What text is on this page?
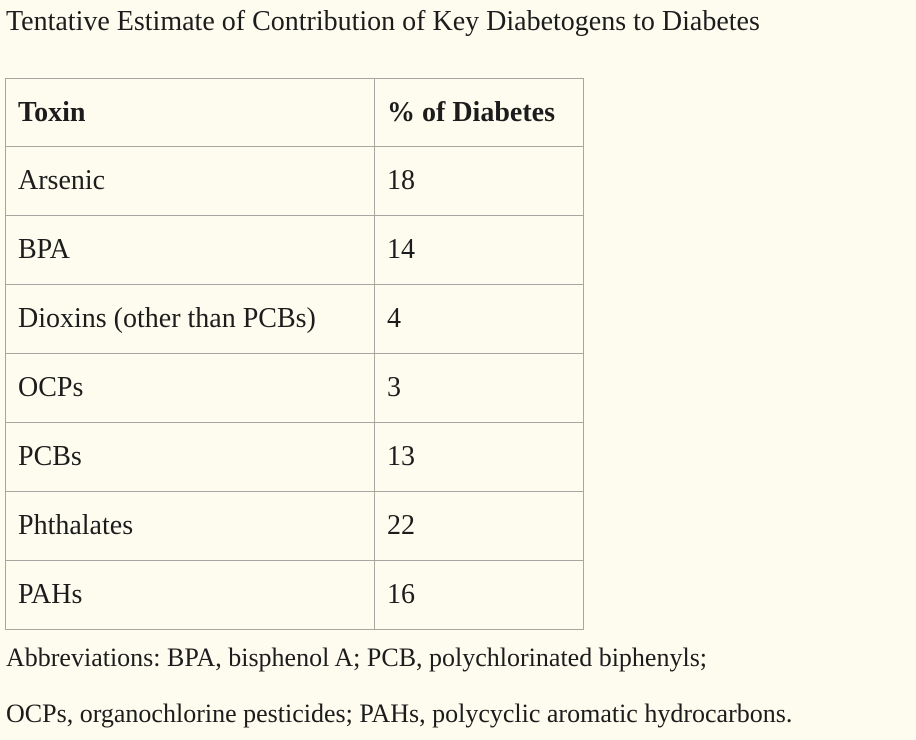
Tentative Estimate of Contribution of Key Diabetogens to Diabetes
Toxin	% of Diabetes
Arsenic	18
BPA	14
Dioxins (other than PCBs)	4
OCPs	3
PCBs	13
Phthalates	22
PAHs	16
Abbreviations: BPA, bisphenol A; PCB, polychlorinated biphenyls;
OCPs, organochlorine pesticides; PAHs, polycyclic aromatic hydrocarbons.
